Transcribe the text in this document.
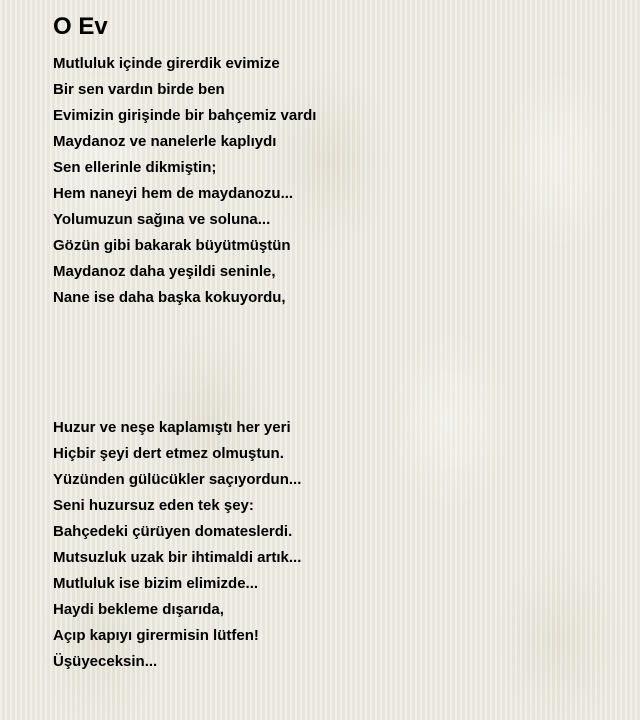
O Ev
Mutluluk içinde girerdik evimize
Bir sen vardın birde ben
Evimizin girişinde bir bahçemiz vardı
Maydanoz ve nanelerle kaplıydı
Sen ellerinle dikmiştin;
Hem naneyi hem de maydanozu...
Yolumuzun sağına ve soluna...
Gözün gibi bakarak büyütmüştün
Maydanoz daha yeşildi seninle,
Nane ise daha başka kokuyordu,
Huzur ve neşe kaplamıştı her yeri
Hiçbir şeyi dert etmez olmuştun.
Yüzünden gülücükler saçıyordun...
Seni huzursuz eden tek şey:
Bahçedeki çürüyen domateslerdi.
Mutsuzluk uzak bir ihtimaldi artık...
Mutluluk ise bizim elimizde...
Haydi bekleme dışarıda,
Açıp kapıyı girermisin lütfen!
Üşüyeceksin...
